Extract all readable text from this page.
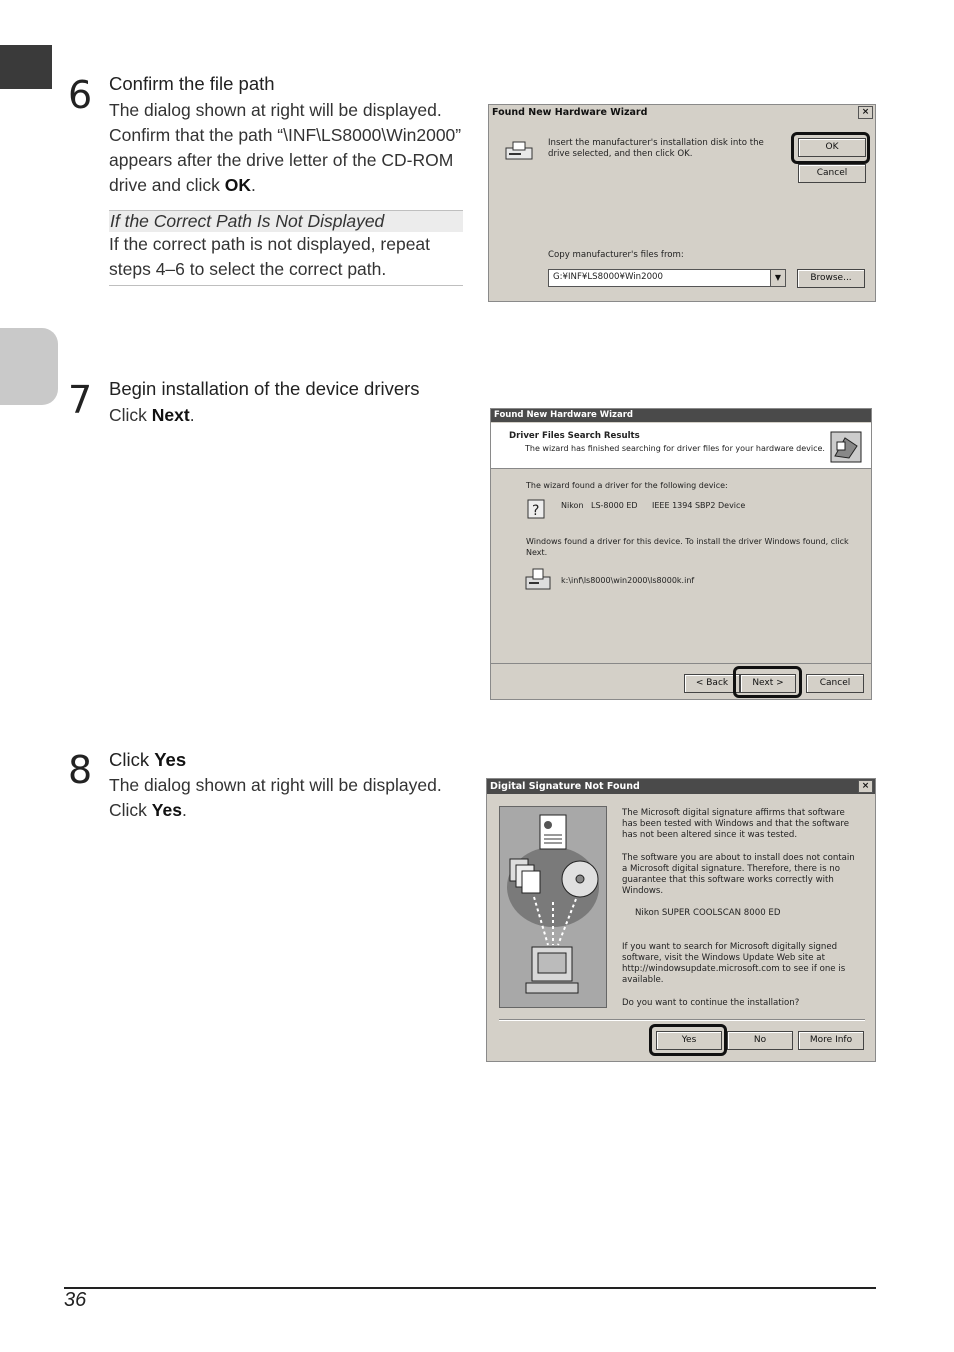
6 Confirm the file path
The dialog shown at right will be displayed. Confirm that the path “\INF\LS8000\Win2000” appears after the drive letter of the CD-ROM drive and click OK.
If the Correct Path Is Not Displayed
If the correct path is not displayed, repeat steps 4–6 to select the correct path.
Found New Hardware Wizard	×
Insert the manufacturer's installation disk into the drive selected, and then click OK.
OK
Cancel
Copy manufacturer's files from:
G:¥INF¥LS8000¥Win2000	▼	Browse...
7 Begin installation of the device drivers
Click Next.	Found New Hardware Wizard
Driver Files Search Results
The wizard has finished searching for driver files for your hardware device.
The wizard found a driver for the following device:
?	Nikon LS-8000 ED IEEE 1394 SBP2 Device
Windows found a driver for this device. To install the driver Windows found, click Next.
k:\inf\ls8000\win2000\ls8000k.inf
< Back	Next >	Cancel
8 Click Yes
The dialog shown at right will be displayed. Click Yes.
Digital Signature Not Found	×
The Microsoft digital signature affirms that software has been tested with Windows and that the software has not been altered since it was tested.
The software you are about to install does not contain a Microsoft digital signature. Therefore, there is no guarantee that this software works correctly with Windows.
Nikon SUPER COOLSCAN 8000 ED
If you want to search for Microsoft digitally signed software, visit the Windows Update Web site at http://windowsupdate.microsoft.com to see if one is available.
Do you want to continue the installation?
Yes	No	More Info
36
